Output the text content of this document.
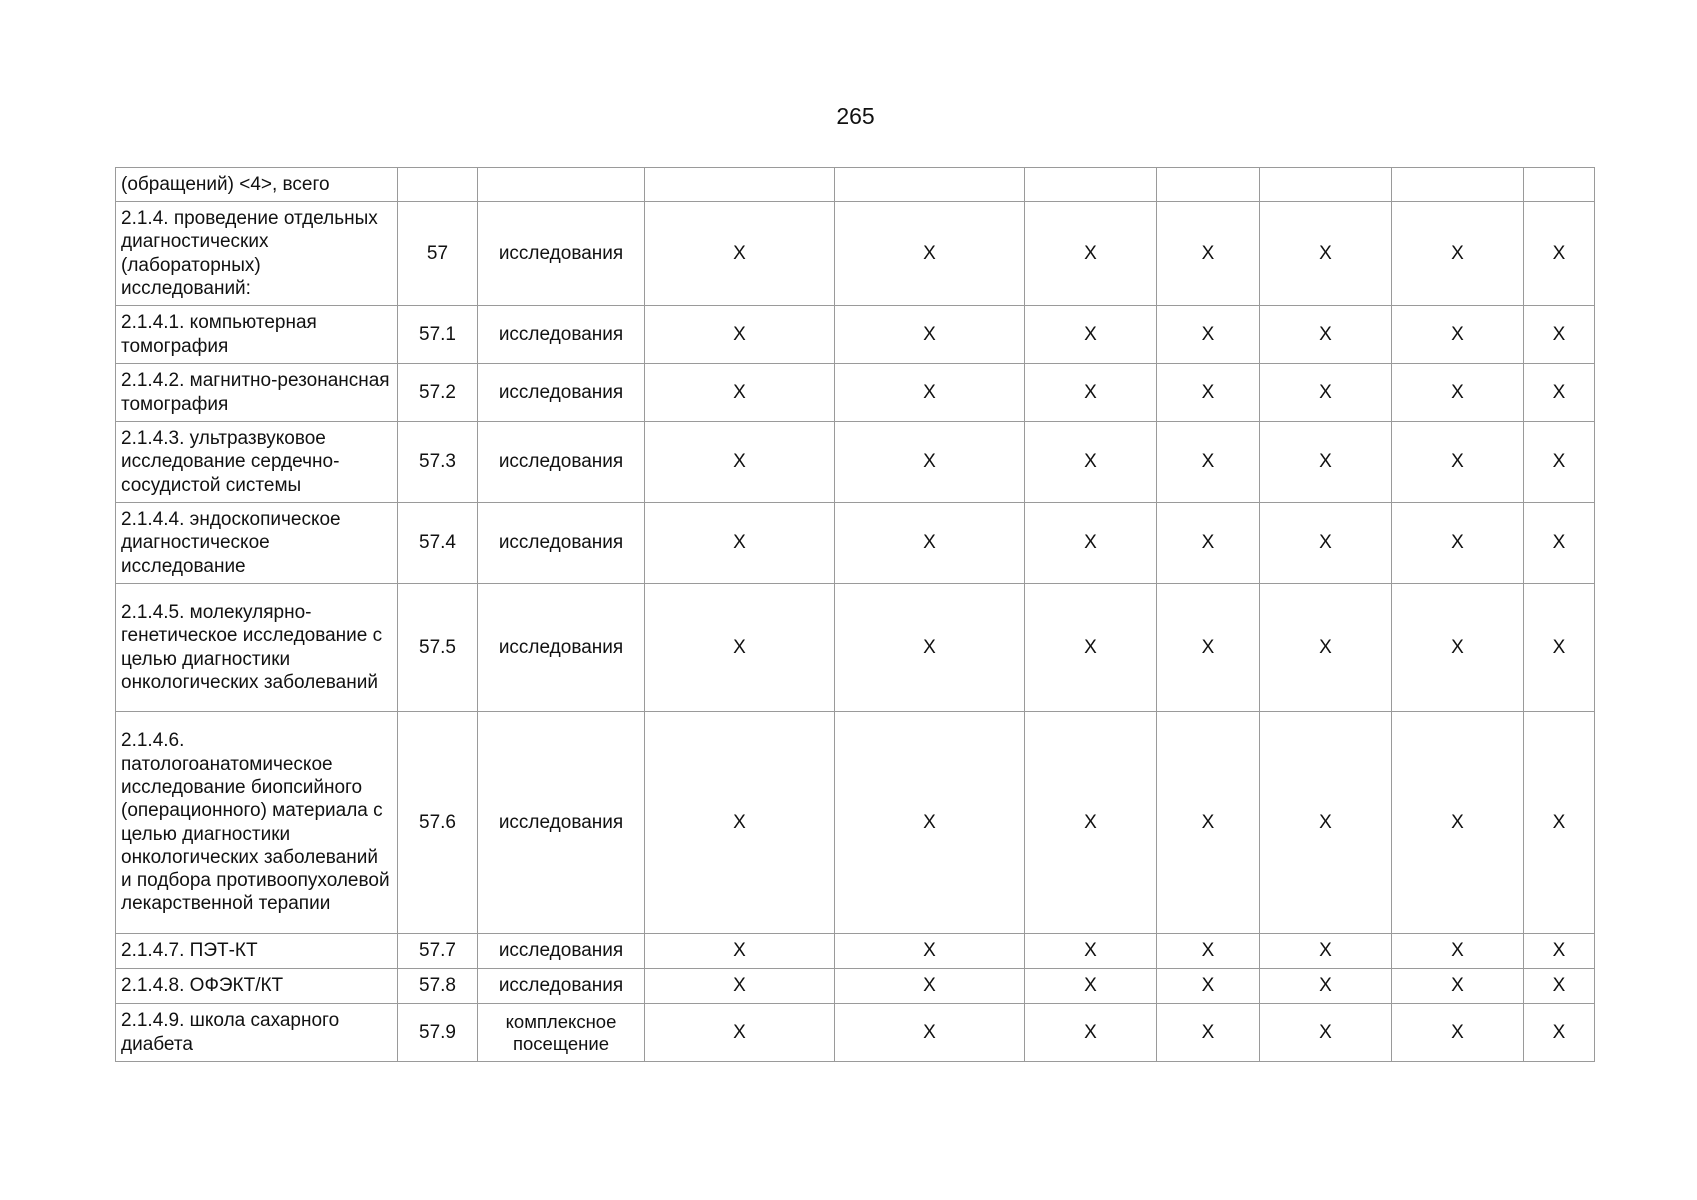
265
(обращений) <4>, всего									
2.1.4. проведение отдельных диагностических (лабораторных) исследований:	57	исследования	X	X	X	X	X	X	X
2.1.4.1. компьютерная томография	57.1	исследования	X	X	X	X	X	X	X
2.1.4.2. магнитно-резонансная томография	57.2	исследования	X	X	X	X	X	X	X
2.1.4.3. ультразвуковое исследование сердечно-сосудистой системы	57.3	исследования	X	X	X	X	X	X	X
2.1.4.4. эндоскопическое диагностическое исследование	57.4	исследования	X	X	X	X	X	X	X
2.1.4.5. молекулярно-генетическое исследование с целью диагностики онкологических заболеваний	57.5	исследования	X	X	X	X	X	X	X
2.1.4.6. патологоанатомическое исследование биопсийного (операционного) материала с целью диагностики онкологических заболеваний и подбора противоопухолевой лекарственной терапии	57.6	исследования	X	X	X	X	X	X	X
2.1.4.7. ПЭТ-КТ	57.7	исследования	X	X	X	X	X	X	X
2.1.4.8. ОФЭКТ/КТ	57.8	исследования	X	X	X	X	X	X	X
2.1.4.9. школа сахарного диабета	57.9	комплексное посещение	X	X	X	X	X	X	X
